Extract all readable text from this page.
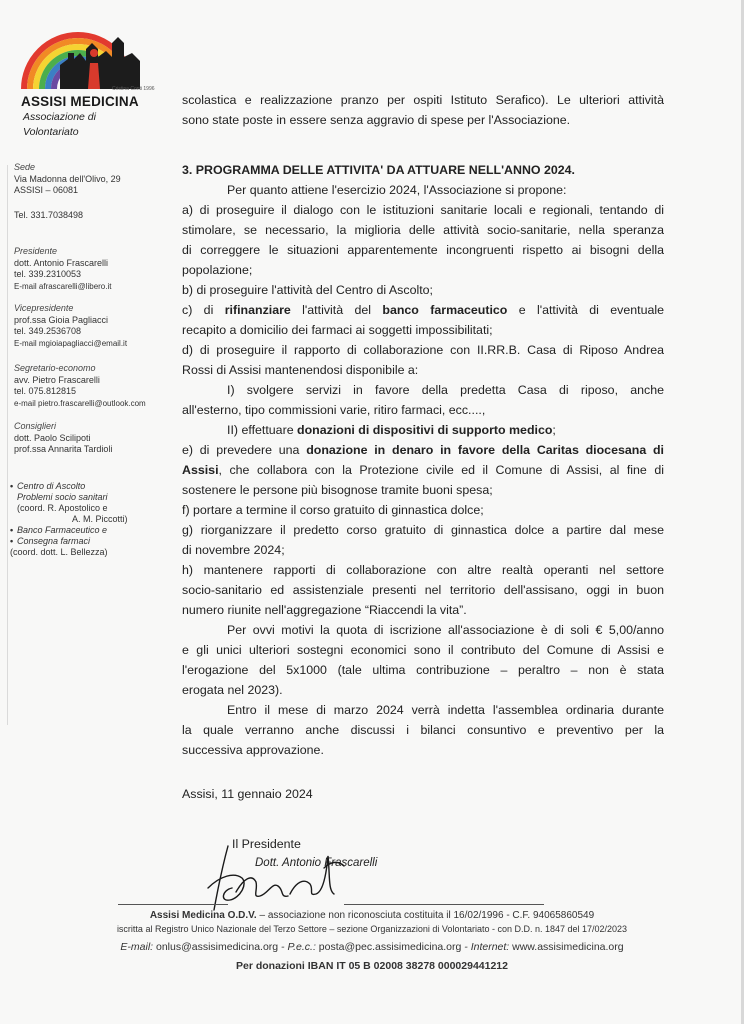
Cristina Conti 1996
ASSISI MEDICINA
Associazione di Volontariato
Sede
Via Madonna dell'Olivo, 29
ASSISI – 06081
Tel. 331.7038498
Presidente
dott. Antonio Frascarelli
tel. 339.2310053
E-mail afrascarelli@libero.it
Vicepresidente
prof.ssa Gioia Pagliacci
tel. 349.2536708
E-mail mgioiapagliacci@email.it
Segretario-economo
avv. Pietro Frascarelli
tel. 075.812815
e-mail pietro.frascarelli@outlook.com
Consiglieri
dott. Paolo Scilipoti
prof.ssa Annarita Tardioli
• Centro di Ascolto
Problemi socio sanitari
(coord. R. Apostolico e
A. M. Piccotti)
• Banco Farmaceutico e
• Consegna farmaci
(coord. dott. L. Bellezza)
scolastica e realizzazione pranzo per ospiti Istituto Serafico). Le ulteriori attività
sono state poste in essere senza aggravio di spese per l'Associazione.
3. PROGRAMMA DELLE ATTIVITA' DA ATTUARE NELL'ANNO 2024.
Per quanto attiene l'esercizio 2024, l'Associazione si propone:
a) di proseguire il dialogo con le istituzioni sanitarie locali e regionali, tentando di
stimolare, se necessario, la miglioria delle attività socio-sanitarie, nella speranza
di correggere le situazioni apparentemente incongruenti rispetto ai bisogni della
popolazione;
b) di proseguire l'attività del Centro di Ascolto;
c) di rifinanziare l'attività del banco farmaceutico e l'attività di eventuale
recapito a domicilio dei farmaci ai soggetti impossibilitati;
d) di proseguire il rapporto di collaborazione con II.RR.B. Casa di Riposo Andrea
Rossi di Assisi mantenendosi disponibile a:
I) svolgere servizi in favore della predetta Casa di riposo, anche
all'esterno, tipo commissioni varie, ritiro farmaci, ecc....,
II) effettuare donazioni di dispositivi di supporto medico;
e) di prevedere una donazione in denaro in favore della Caritas diocesana di
Assisi, che collabora con la Protezione civile ed il Comune di Assisi, al fine di
sostenere le persone più bisognose tramite buoni spesa;
f) portare a termine il corso gratuito di ginnastica dolce;
g) riorganizzare il predetto corso gratuito di ginnastica dolce a partire dal mese
di novembre 2024;
h) mantenere rapporti di collaborazione con altre realtà operanti nel settore
socio-sanitario ed assistenziale presenti nel territorio dell'assisano, oggi in buon
numero riunite nell'aggregazione “Riaccendi la vita”.
Per ovvi motivi la quota di iscrizione all'associazione è di soli € 5,00/anno
e gli unici ulteriori sostegni economici sono il contributo del Comune di Assisi e
l'erogazione del 5x1000 (tale ultima contribuzione – peraltro – non è stata
erogata nel 2023).
Entro il mese di marzo 2024 verrà indetta l'assemblea ordinaria durante
la quale verranno anche discussi i bilanci consuntivo e preventivo per la
successiva approvazione.
Assisi, 11 gennaio 2024
Il Presidente
Dott. Antonio Frascarelli
Assisi Medicina O.D.V. – associazione non riconosciuta costituita il 16/02/1996 - C.F. 94065860549
iscritta al Registro Unico Nazionale del Terzo Settore – sezione Organizzazioni di Volontariato - con D.D. n. 1847 del 17/02/2023
E-mail: onlus@assisimedicina.org - P.e.c.: posta@pec.assisimedicina.org - Internet: www.assisimedicina.org
Per donazioni IBAN IT 05 B 02008 38278 000029441212
